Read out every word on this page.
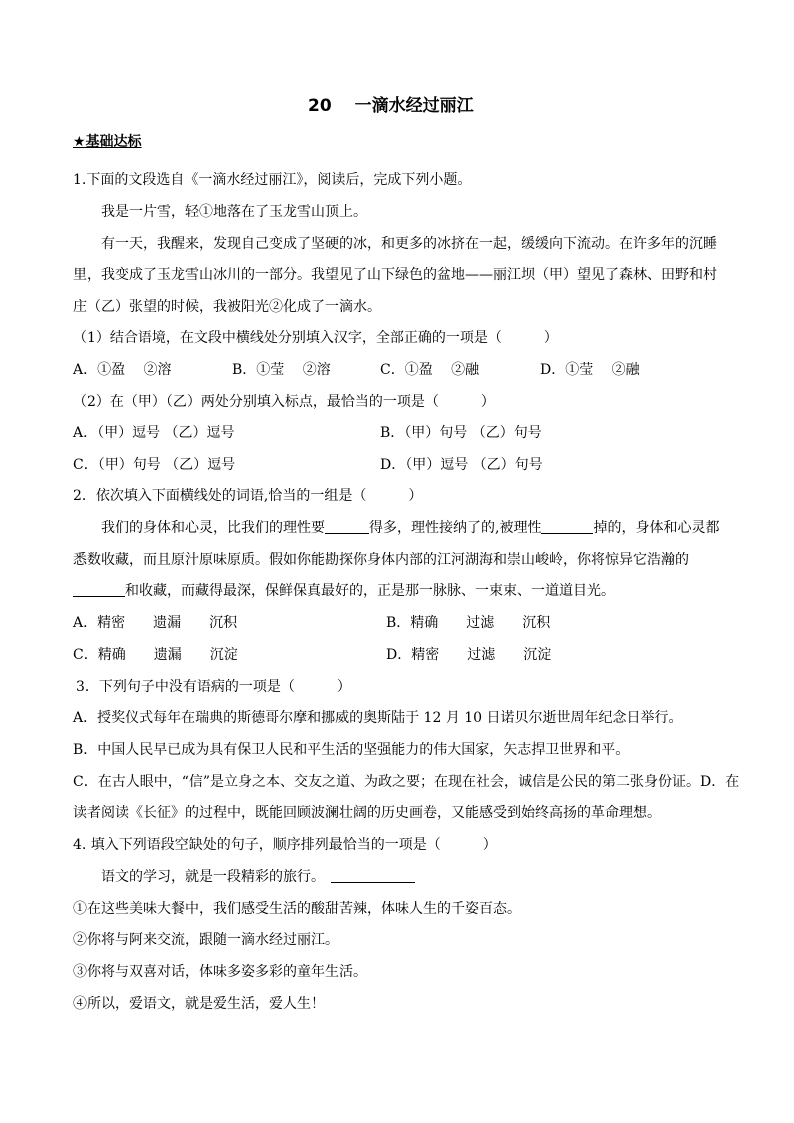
20　 一滴水经过丽江
★基础达标
1.下面的文段选自《一滴水经过丽江》，阅读后，完成下列小题。
我是一片雪，轻①地落在了玉龙雪山顶上。
有一天，我醒来，发现自己变成了坚硬的冰，和更多的冰挤在一起，缓缓向下流动。在许多年的沉睡
里，我变成了玉龙雪山冰川的一部分。我望见了山下绿色的盆地——丽江坝（甲）望见了森林、田野和村
庄（乙）张望的时候，我被阳光②化成了一滴水。
（1）结合语境，在文段中横线处分别填入汉字，全部正确的一项是（　　　）
A．①盈　 ②溶	B．①莹　 ②溶	C．①盈　 ②融	D．①莹　 ②融
（2）在（甲）（乙）两处分别填入标点，最恰当的一项是（　　　）
A．（甲）逗号 （乙）逗号	B．（甲）句号 （乙）句号
C．（甲）句号 （乙）逗号	D．（甲）逗号 （乙）句号
2．依次填入下面横线处的词语,恰当的一组是（　　　）
我们的身体和心灵，比我们的理性要	得多，理性接纳了的,被理性	掉的，身体和心灵都
悉数收藏，而且原汁原味原质。假如你能勘探你身体内部的江河湖海和崇山峻岭，你将惊异它浩瀚的
和收藏，而藏得最深，保鲜保真最好的，正是那一脉脉、一束束、一道道目光。
A．精密 遗漏 沉积	B．精确 过滤 沉积
C．精确 遗漏 沉淀	D．精密 过滤 沉淀
3．下列句子中没有语病的一项是（　　　）
A．授奖仪式每年在瑞典的斯德哥尔摩和挪威的奥斯陆于 12 月 10 日诺贝尔逝世周年纪念日举行。
B．中国人民早已成为具有保卫人民和平生活的坚强能力的伟大国家，矢志捍卫世界和平。
C．在古人眼中，“信”是立身之本、交友之道、为政之要；在现在社会，诚信是公民的第二张身份证。D．在
读者阅读《长征》的过程中，既能回顾波澜壮阔的历史画卷，又能感受到始终高扬的革命理想。
4. 填入下列语段空缺处的句子，顺序排列最恰当的一项是（　　　）
语文的学习，就是一段精彩的旅行。
①在这些美味大餐中，我们感受生活的酸甜苦辣，体味人生的千姿百态。
②你将与阿来交流，跟随一滴水经过丽江。
③你将与双喜对话，体味多姿多彩的童年生活。
④所以，爱语文，就是爱生活，爱人生！
